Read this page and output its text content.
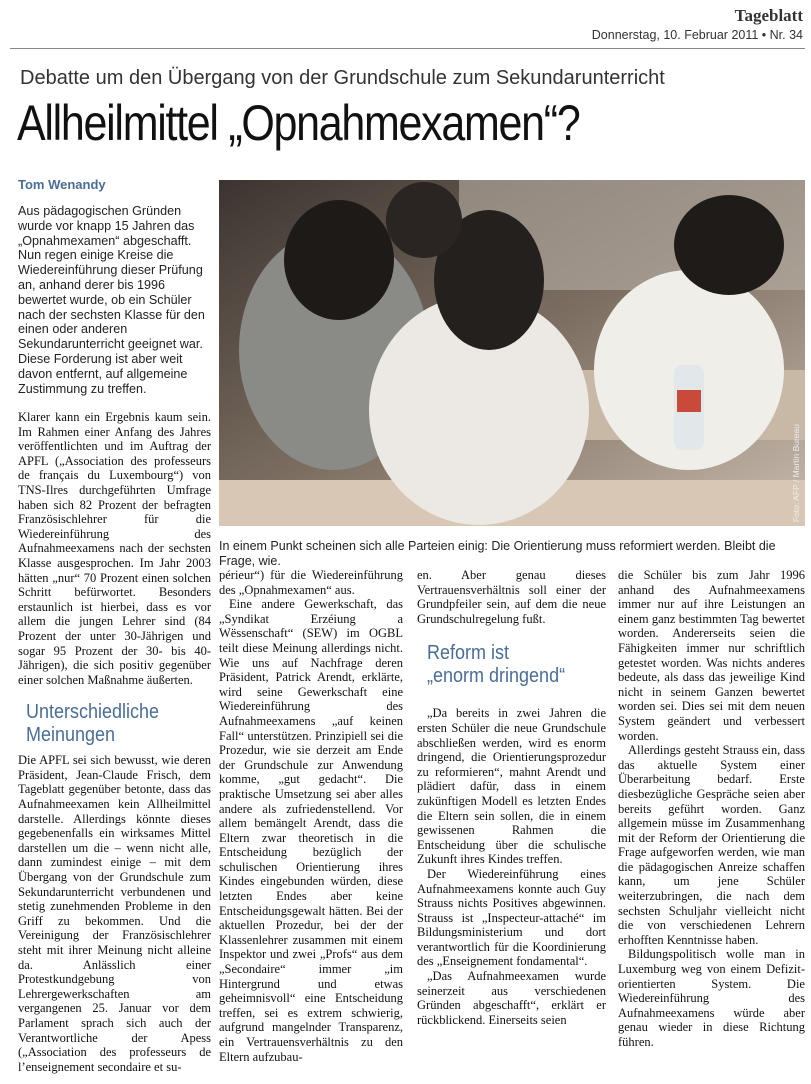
Tageblatt
Donnerstag, 10. Februar 2011 • Nr. 34
Debatte um den Übergang von der Grundschule zum Sekundarunterricht
Allheilmittel „Opnahmexamen“?
Tom Wenandy

Aus pädagogischen Gründen wurde vor knapp 15 Jahren das „Opnahmexamen“ abgeschafft. Nun regen einige Kreise die Wiedereinführung dieser Prüfung an, anhand derer bis 1996 bewertet wurde, ob ein Schüler nach der sechsten Klasse für den einen oder anderen Sekundarunterricht geeignet war. Diese Forderung ist aber weit davon entfernt, auf allgemeine Zustimmung zu treffen.

Foto: AFP / Martin Bureau
In einem Punkt scheinen sich alle Parteien einig: Die Orientierung muss reformiert werden. Bleibt die Frage, wie.

Klarer kann ein Ergebnis kaum sein. Im Rahmen einer Anfang des Jahres veröffentlichten und im Auftrag der APFL („Association des professeurs de français du Luxembourg“) von TNS-Ilres durchgeführten Umfrage haben sich 82 Prozent der befragten Französischlehrer für die Wiedereinführung des Aufnahmeexamens nach der sechsten Klasse ausgesprochen. Im Jahr 2003 hätten „nur“ 70 Prozent einen solchen Schritt befürwortet. Besonders erstaunlich ist hierbei, dass es vor allem die jungen Lehrer sind (84 Prozent der unter 30-Jährigen und sogar 95 Prozent der 30- bis 40-Jährigen), die sich positiv gegenüber einer solchen Maßnahme äußerten.

Unterschiedliche
Meinungen

Die APFL sei sich bewusst, wie deren Präsident, Jean-Claude Frisch, dem Tageblatt gegenüber betonte, dass das Aufnahmeexamen kein Allheilmittel darstelle. Allerdings könnte dieses gegebenenfalls ein wirksames Mittel darstellen um die – wenn nicht alle, dann zumindest einige – mit dem Übergang von der Grundschule zum Sekundarunterricht verbundenen und stetig zunehmenden Probleme in den Griff zu bekommen. Und die Vereinigung der Französischlehrer steht mit ihrer Meinung nicht alleine da. Anlässlich einer Protestkundgebung von Lehrergewerkschaften am vergangenen 25. Januar vor dem Parlament sprach sich auch der Verantwortliche der Apess („Association des professeurs de l’enseignement secondaire et su-

périeur“) für die Wiedereinführung des „Opnahmexamen“ aus.

Eine andere Gewerkschaft, das „Syndikat Erzéiung a Wëssenschaft“ (SEW) im OGBL teilt diese Meinung allerdings nicht. Wie uns auf Nachfrage deren Präsident, Patrick Arendt, erklärte, wird seine Gewerkschaft eine Wiedereinführung des Aufnahmeexamens „auf keinen Fall“ unterstützen. Prinzipiell sei die Prozedur, wie sie derzeit am Ende der Grundschule zur Anwendung komme, „gut gedacht“. Die praktische Umsetzung sei aber alles andere als zufriedenstellend. Vor allem bemängelt Arendt, dass die Eltern zwar theoretisch in die Entscheidung bezüglich der schulischen Orientierung ihres Kindes eingebunden würden, diese letzten Endes aber keine Entscheidungsgewalt hätten. Bei der aktuellen Prozedur, bei der der Klassenlehrer zusammen mit einem Inspektor und zwei „Profs“ aus dem „Secondaire“ immer „im Hintergrund und etwas geheimnisvoll“ eine Entscheidung treffen, sei es extrem schwierig, aufgrund mangelnder Transparenz, ein Vertrauensverhältnis zu den Eltern aufzubau-

en. Aber genau dieses Vertrauensverhältnis soll einer der Grundpfeiler sein, auf dem die neue Grundschulregelung fußt.

Reform ist
„enorm dringend“

„Da bereits in zwei Jahren die ersten Schüler die neue Grundschule abschließen werden, wird es enorm dringend, die Orientierungsprozedur zu reformieren“, mahnt Arendt und plädiert dafür, dass in einem zukünftigen Modell es letzten Endes die Eltern sein sollen, die in einem gewissenen Rahmen die Entscheidung über die schulische Zukunft ihres Kindes treffen.

Der Wiedereinführung eines Aufnahmeexamens konnte auch Guy Strauss nichts Positives abgewinnen. Strauss ist „Inspecteur-attaché“ im Bildungsministerium und dort verantwortlich für die Koordinierung des „Enseignement fondamental“.

„Das Aufnahmeexamen wurde seinerzeit aus verschiedenen Gründen abgeschafft“, erklärt er rückblickend. Einerseits seien

die Schüler bis zum Jahr 1996 anhand des Aufnahmeexamens immer nur auf ihre Leistungen an einem ganz bestimmten Tag bewertet worden. Andererseits seien die Fähigkeiten immer nur schriftlich getestet worden. Was nichts anderes bedeute, als dass das jeweilige Kind nicht in seinem Ganzen bewertet worden sei. Dies sei mit dem neuen System geändert und verbessert worden.

Allerdings gesteht Strauss ein, dass das aktuelle System einer Überarbeitung bedarf. Erste diesbezügliche Gespräche seien aber bereits geführt worden. Ganz allgemein müsse im Zusammenhang mit der Reform der Orientierung die Frage aufgeworfen werden, wie man die pädagogischen Anreize schaffen kann, um jene Schüler weiterzubringen, die nach dem sechsten Schuljahr vielleicht nicht die von verschiedenen Lehrern erhofften Kenntnisse haben.

Bildungspolitisch wolle man in Luxemburg weg von einem Defizit-orientierten System. Die Wiedereinführung des Aufnahmeexamens würde aber genau wieder in diese Richtung führen.
